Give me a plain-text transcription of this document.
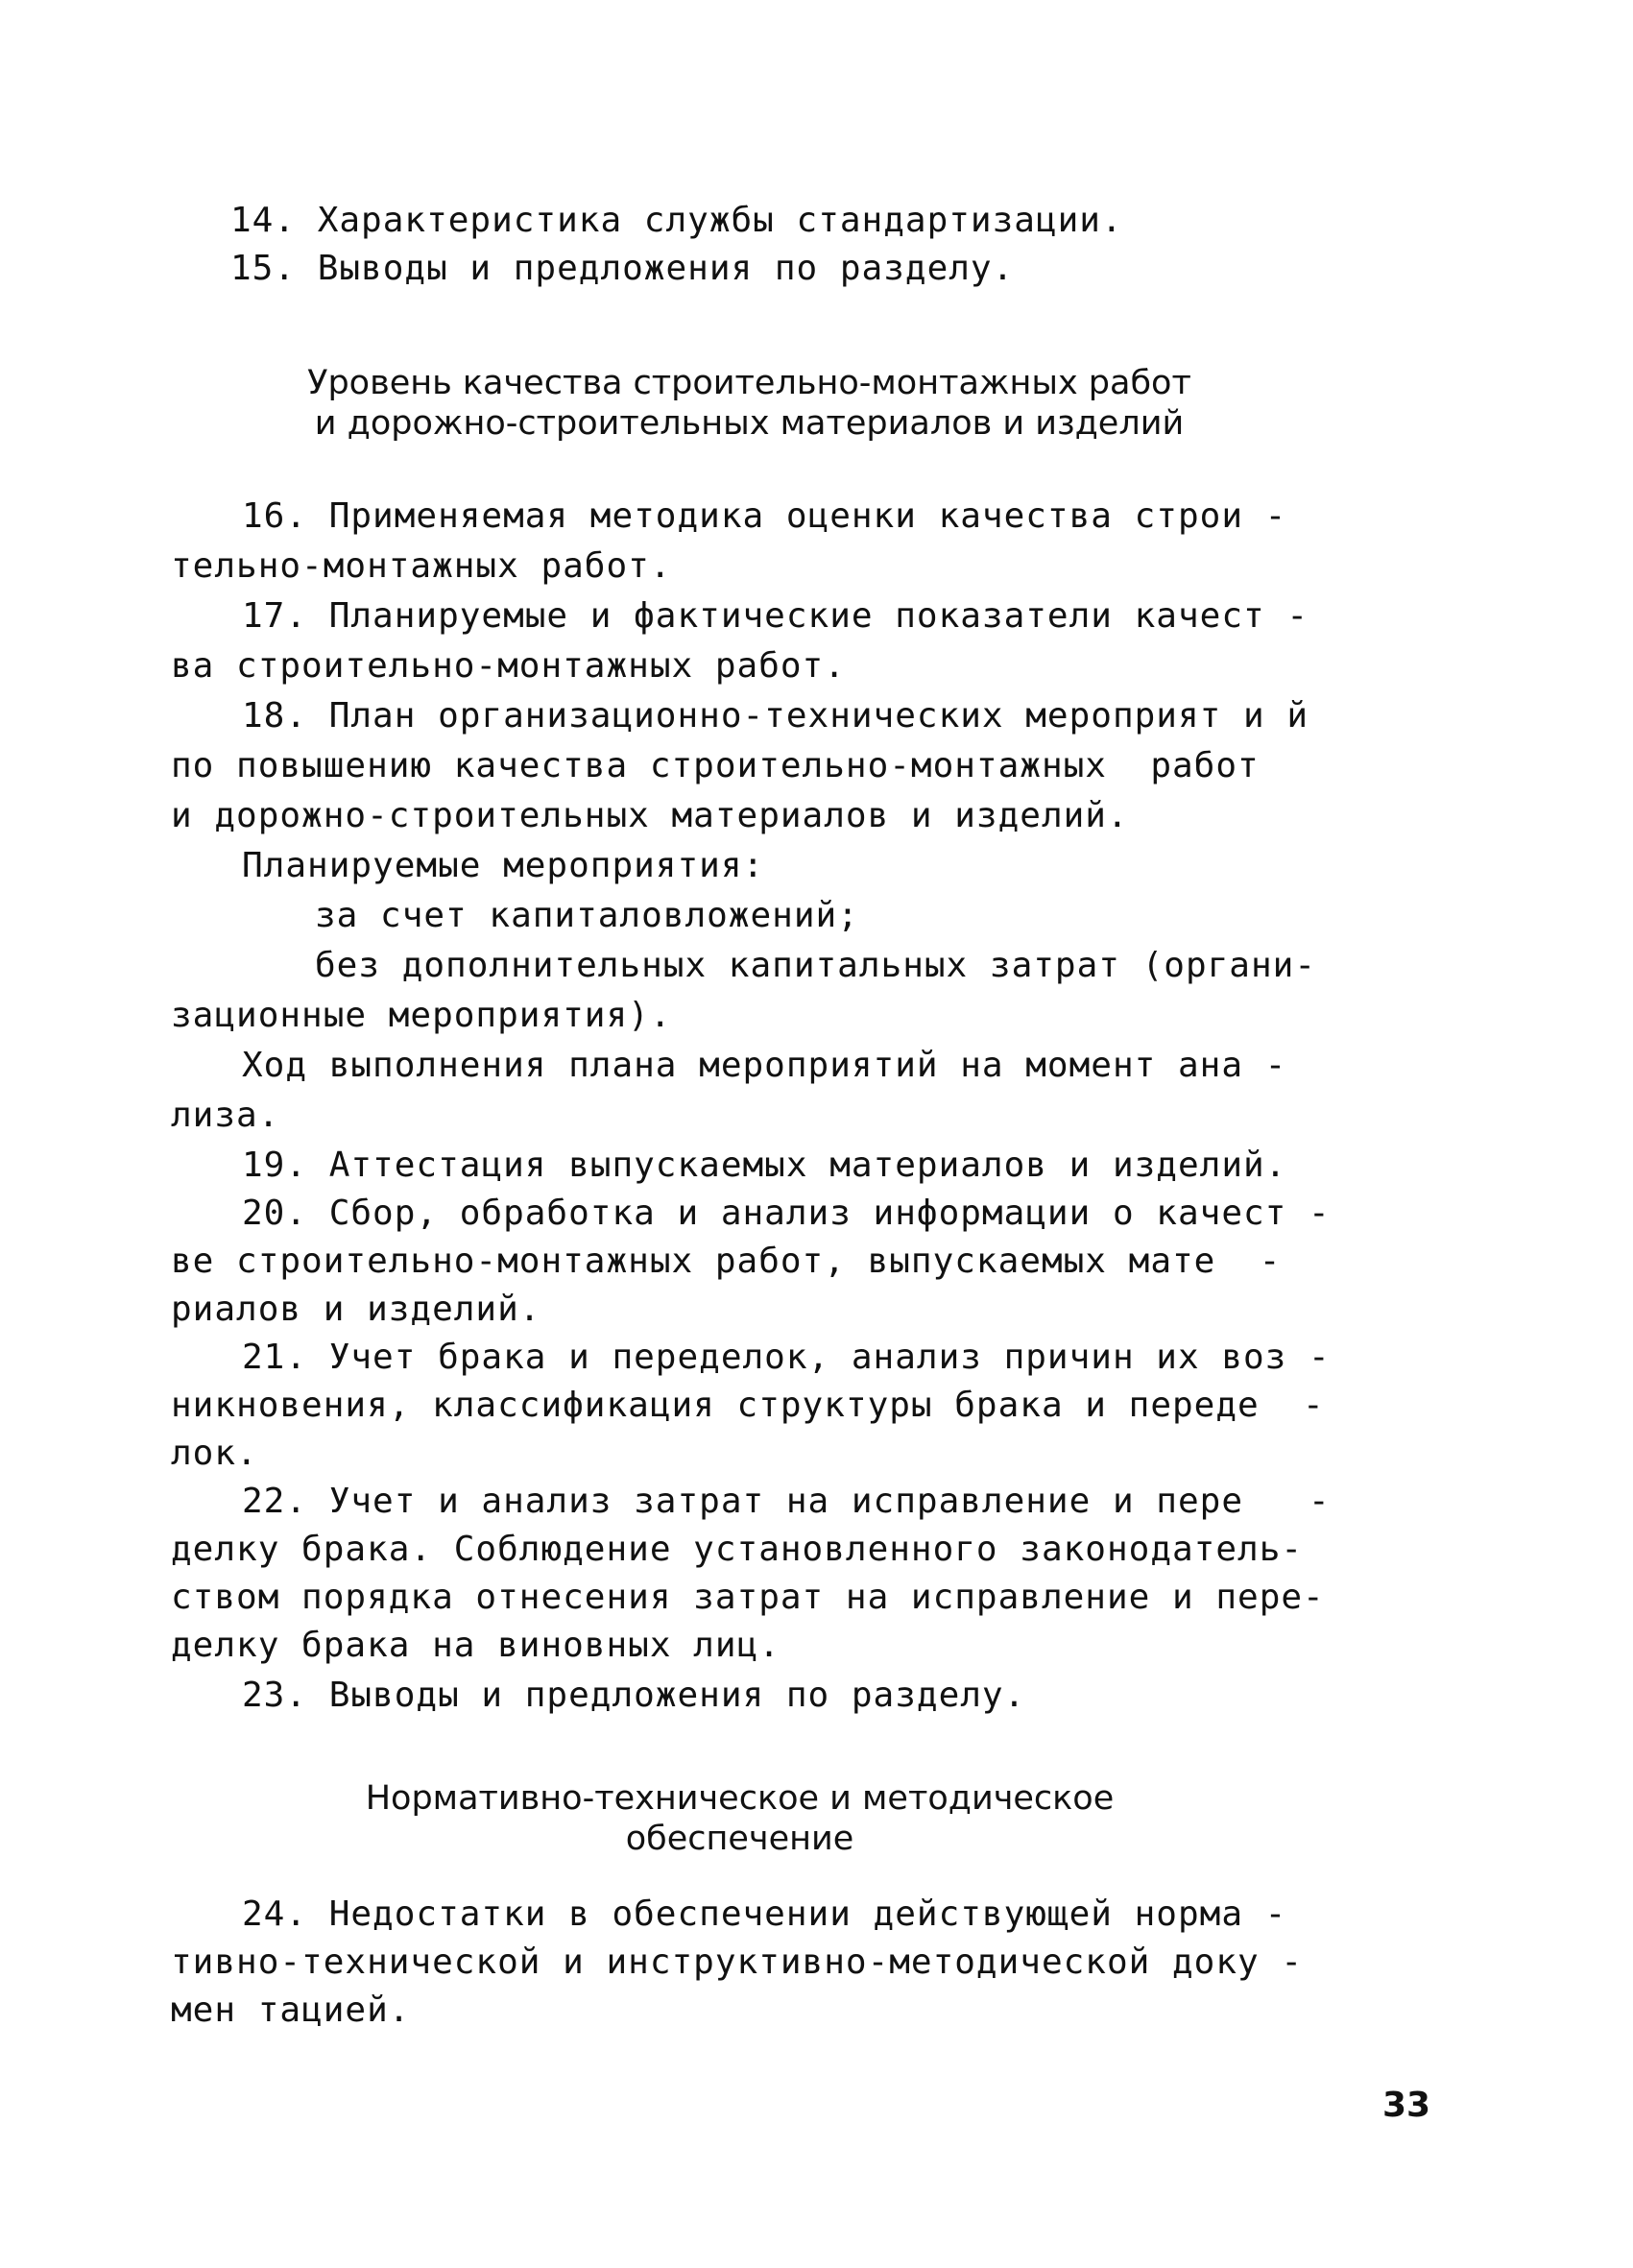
14. Характеристика службы стандартизации.
15. Выводы и предложения по разделу.
Уровень качества строительно-монтажных работ
и дорожно-строительных материалов и изделий
16. Применяемая методика оценки качества строи -
тельно-монтажных работ.
17. Планируемые и фактические показатели качест -
ва строительно-монтажных работ.
18. План организационно-технических мероприят и й
по повышению качества строительно-монтажных  работ
и дорожно-строительных материалов и изделий.
Планируемые мероприятия:
за счет капиталовложений;
без дополнительных капитальных затрат (органи-
зационные мероприятия).
Ход выполнения плана мероприятий на момент ана -
лиза.
19. Аттестация выпускаемых материалов и изделий.
20. Сбор, обработка и анализ информации о качест -
ве строительно-монтажных работ, выпускаемых мате  -
риалов и изделий.
21. Учет брака и переделок, анализ причин их воз -
никновения, классификация структуры брака и переде  -
лок.
22. Учет и анализ затрат на исправление и пере   -
делку брака. Соблюдение установленного законодатель-
ством порядка отнесения затрат на исправление и пере-
делку брака на виновных лиц.
23. Выводы и предложения по разделу.
Нормативно-техническое и методическое
обеспечение
24. Недостатки в обеспечении действующей норма -
тивно-технической и инструктивно-методической доку -
мен тацией.
33
